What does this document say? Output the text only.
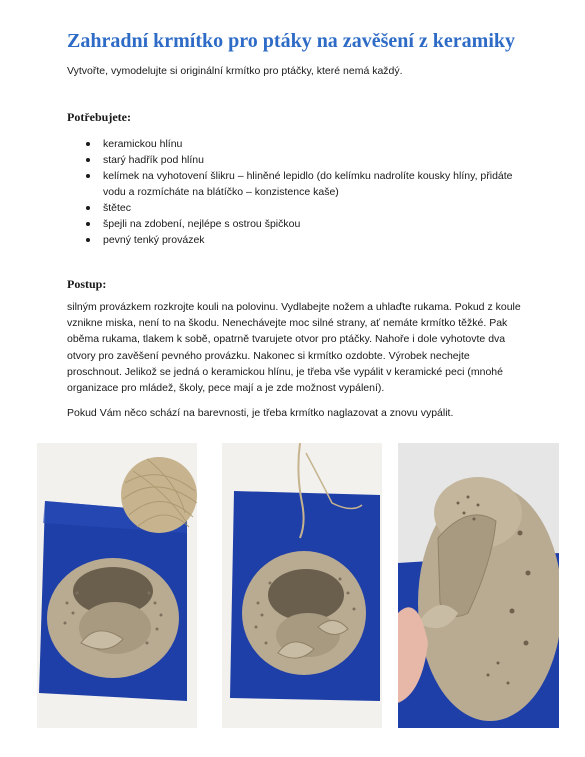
Zahradní krmítko pro ptáky na zavěšení z keramiky

Vytvořte, vymodelujte si originální krmítko pro ptáčky, které nemá každý.

Potřebujete:
keramickou hlínu
starý hadřík pod hlínu
kelímek na vyhotovení šlikru – hliněné lepidlo (do kelímku nadrolíte kousky hlíny, přidáte vodu a rozmícháte na blátíčko – konzistence kaše)
štětec
špejli na zdobení, nejlépe s ostrou špičkou
pevný tenký provázek
Postup:

silným provázkem rozkrojte kouli na polovinu. Vydlabejte nožem a uhlaďte rukama. Pokud z koule vznikne miska, není to na škodu. Nenechávejte moc silné strany, ať nemáte krmítko těžké. Pak oběma rukama, tlakem k sobě, opatrně tvarujete otvor pro ptáčky. Nahoře i dole vyhotovte dva otvory pro zavěšení pevného provázku. Nakonec si krmítko ozdobte. Výrobek nechejte proschnout. Jelikož se jedná o keramickou hlínu, je třeba vše vypálit v keramické peci (mnohé organizace pro mládež, školy, pece mají a je zde možnost vypálení).

Pokud Vám něco schází na barevnosti, je třeba krmítko naglazovat a znovu vypálit.
